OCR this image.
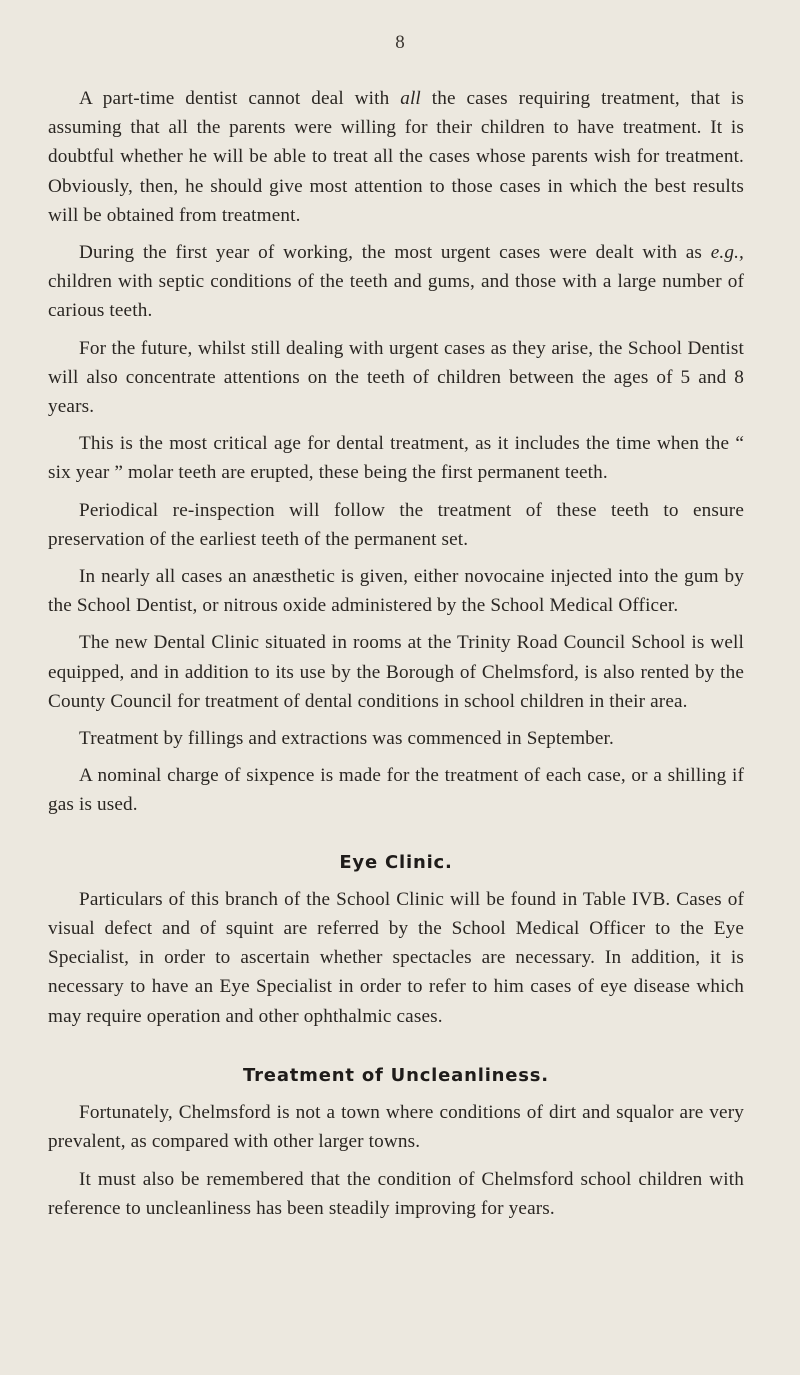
8

A part-time dentist cannot deal with all the cases requiring treatment, that is assuming that all the parents were willing for their children to have treatment. It is doubtful whether he will be able to treat all the cases whose parents wish for treatment. Obviously, then, he should give most attention to those cases in which the best results will be obtained from treatment.

During the first year of working, the most urgent cases were dealt with as e.g., children with septic conditions of the teeth and gums, and those with a large number of carious teeth.

For the future, whilst still dealing with urgent cases as they arise, the School Dentist will also concentrate attentions on the teeth of children between the ages of 5 and 8 years.

This is the most critical age for dental treatment, as it includes the time when the “ six year ” molar teeth are erupted, these being the first permanent teeth.

Periodical re-inspection will follow the treatment of these teeth to ensure preservation of the earliest teeth of the permanent set.

In nearly all cases an anæsthetic is given, either novocaine injected into the gum by the School Dentist, or nitrous oxide administered by the School Medical Officer.

The new Dental Clinic situated in rooms at the Trinity Road Council School is well equipped, and in addition to its use by the Borough of Chelmsford, is also rented by the County Council for treatment of dental conditions in school children in their area.

Treatment by fillings and extractions was commenced in September.

A nominal charge of sixpence is made for the treatment of each case, or a shilling if gas is used.

Eye Clinic.

Particulars of this branch of the School Clinic will be found in Table IVB. Cases of visual defect and of squint are referred by the School Medical Officer to the Eye Specialist, in order to ascertain whether spectacles are necessary. In addition, it is necessary to have an Eye Specialist in order to refer to him cases of eye disease which may require operation and other ophthalmic cases.

Treatment of Uncleanliness.

Fortunately, Chelmsford is not a town where conditions of dirt and squalor are very prevalent, as compared with other larger towns.

It must also be remembered that the condition of Chelmsford school children with reference to uncleanliness has been steadily improving for years.
